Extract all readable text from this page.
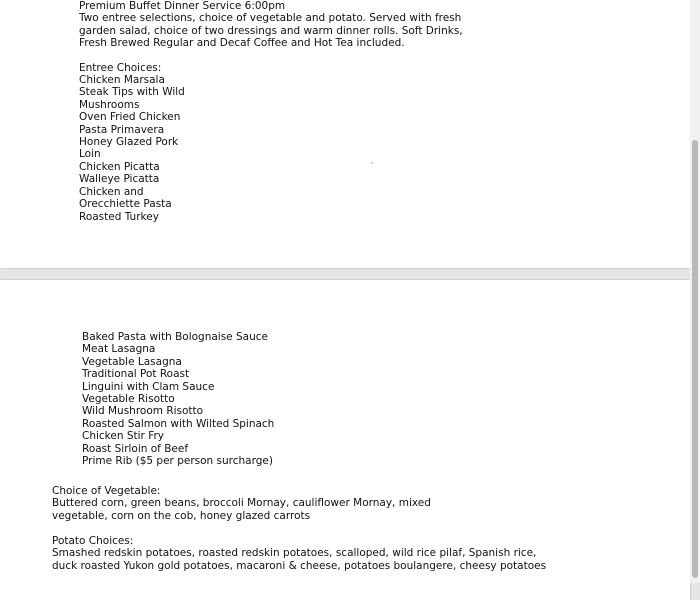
Premium Buffet Dinner Service 6:00pm
Two entree selections, choice of vegetable and potato. Served with fresh
garden salad, choice of two dressings and warm dinner rolls. Soft Drinks,
Fresh Brewed Regular and Decaf Coffee and Hot Tea included.
Entree Choices:
Chicken Marsala
Steak Tips with Wild
Mushrooms
Oven Fried Chicken
Pasta Primavera
Honey Glazed Pork
Loin
Chicken Picatta
Walleye Picatta
Chicken and
Orecchiette Pasta
Roasted Turkey
Baked Pasta with Bolognaise Sauce
Meat Lasagna
Vegetable Lasagna
Traditional Pot Roast
Linguini with Clam Sauce
Vegetable Risotto
Wild Mushroom Risotto
Roasted Salmon with Wilted Spinach
Chicken Stir Fry
Roast Sirloin of Beef
Prime Rib ($5 per person surcharge)
Choice of Vegetable:
Buttered corn, green beans, broccoli Mornay, cauliflower Mornay, mixed
vegetable, corn on the cob, honey glazed carrots
Potato Choices:
Smashed redskin potatoes, roasted redskin potatoes, scalloped, wild rice pilaf, Spanish rice,
duck roasted Yukon gold potatoes, macaroni & cheese, potatoes boulangere, cheesy potatoes
